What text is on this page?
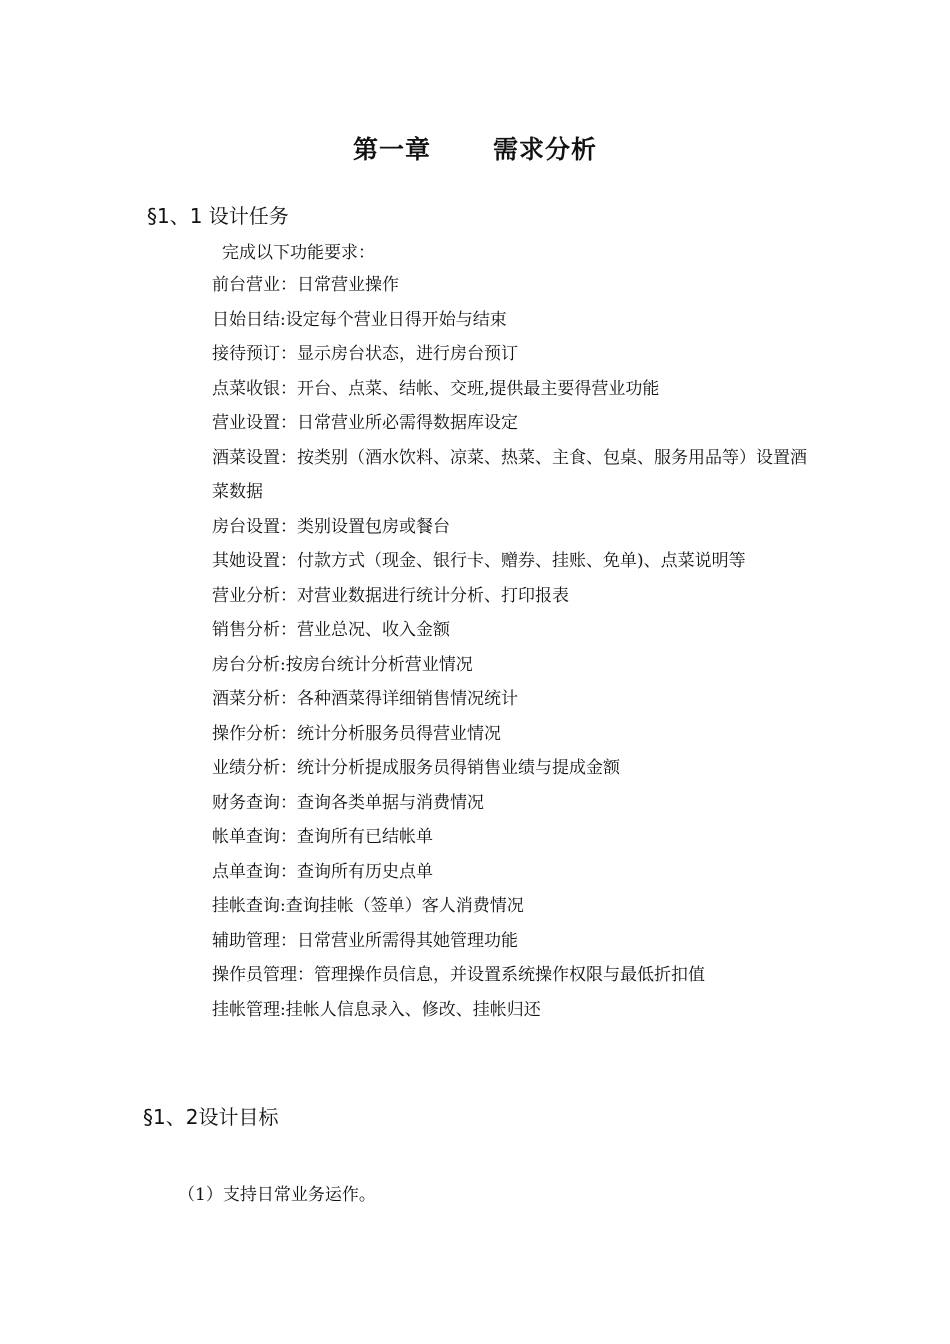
第一章 需求分析
§1、1 设计任务
完成以下功能要求：
前台营业：日常营业操作
日始日结:设定每个营业日得开始与结束
接待预订：显示房台状态，进行房台预订
点菜收银：开台、点菜、结帐、交班,提供最主要得营业功能
营业设置：日常营业所必需得数据库设定
酒菜设置：按类别（酒水饮料、凉菜、热菜、主食、包桌、服务用品等）设置酒菜数据
房台设置：类别设置包房或餐台
其她设置：付款方式（现金、银行卡、赠券、挂账、免单)、点菜说明等
营业分析：对营业数据进行统计分析、打印报表
销售分析：营业总况、收入金额
房台分析:按房台统计分析营业情况
酒菜分析：各种酒菜得详细销售情况统计
操作分析：统计分析服务员得营业情况
业绩分析：统计分析提成服务员得销售业绩与提成金额
财务查询：查询各类单据与消费情况
帐单查询：查询所有已结帐单
点单查询：查询所有历史点单
挂帐查询:查询挂帐（签单）客人消费情况
辅助管理：日常营业所需得其她管理功能
操作员管理：管理操作员信息，并设置系统操作权限与最低折扣值
挂帐管理:挂帐人信息录入、修改、挂帐归还
§1、2设计目标
（1）支持日常业务运作。
